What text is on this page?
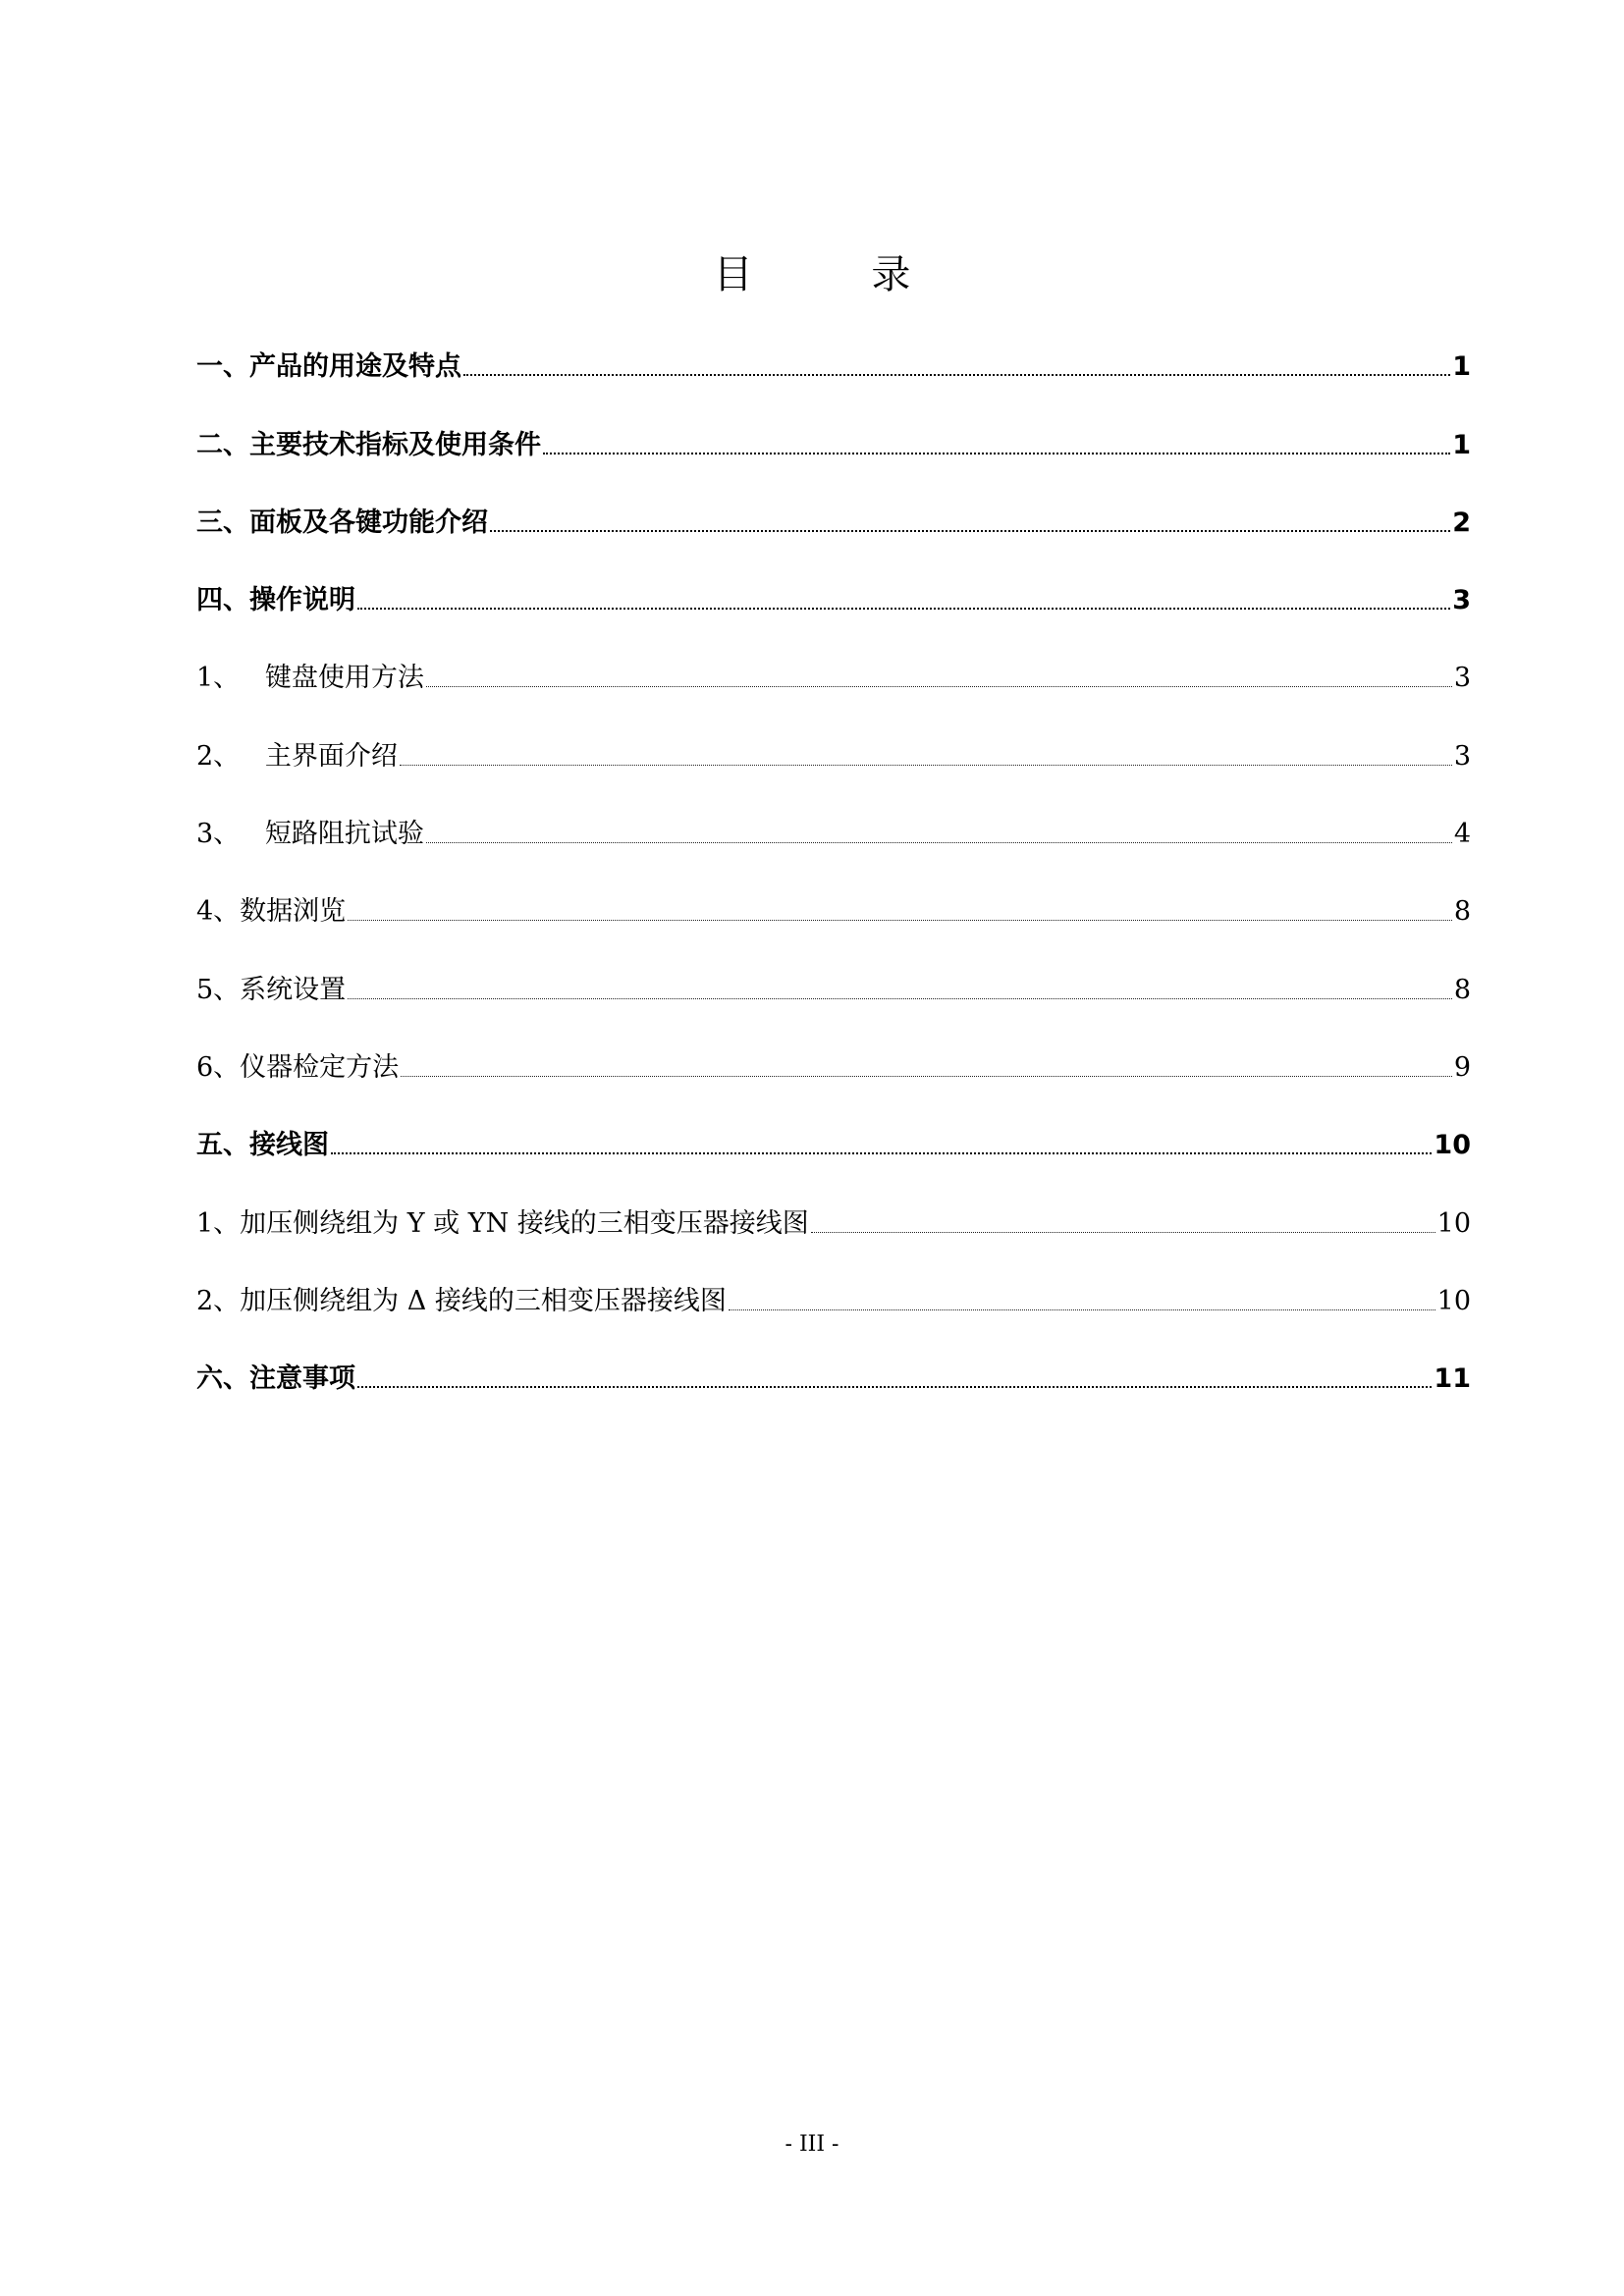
目 录
一、产品的用途及特点	1
二、主要技术指标及使用条件	1
三、面板及各键功能介绍	2
四、操作说明	3
1、   键盘使用方法	3
2、   主界面介绍	3
3、   短路阻抗试验	4
4、数据浏览	8
5、系统设置	8
6、仪器检定方法	9
五、接线图	10
1、加压侧绕组为 Y 或 YN 接线的三相变压器接线图	10
2、加压侧绕组为 Δ 接线的三相变压器接线图	10
六、注意事项	11
- III -
